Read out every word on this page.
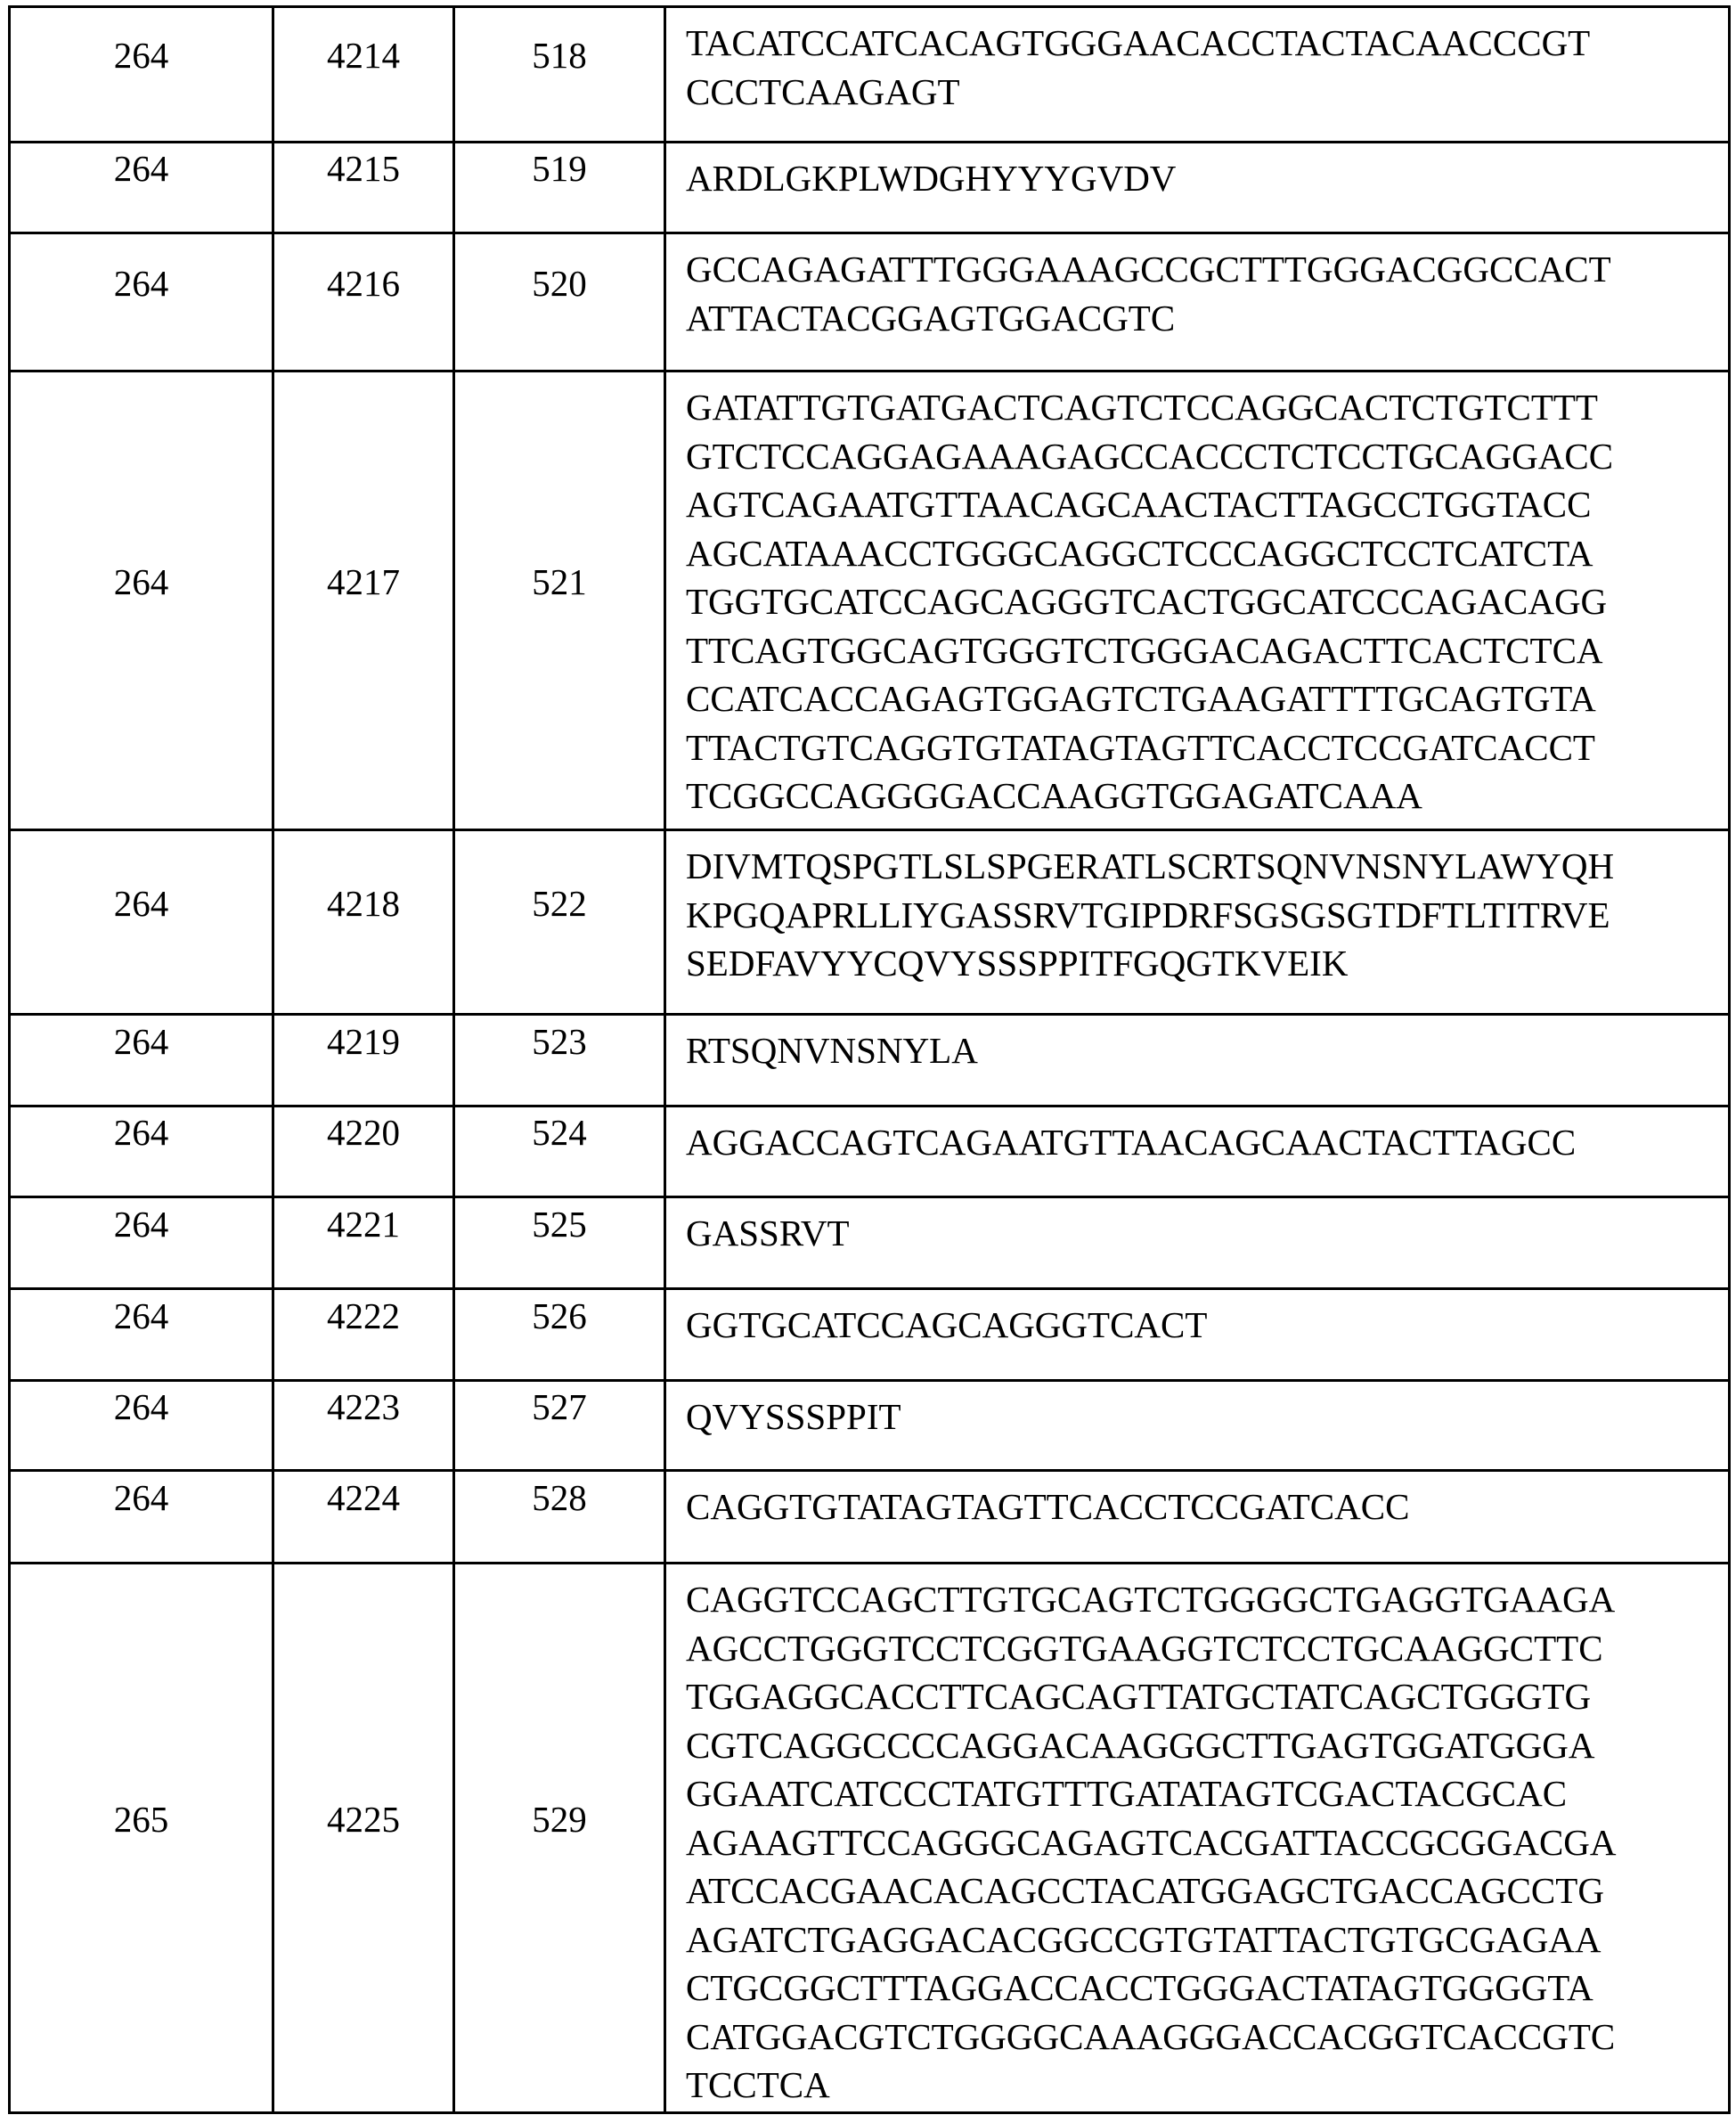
264	4214	518	TACATCCATCACAGTGGGAACACCTACTACAACCCGT
CCCTCAAGAGT

264	4215	519	ARDLGKPLWDGHYYYGVDV

264	4216	520	GCCAGAGATTTGGGAAAGCCGCTTTGGGACGGCCACT
ATTACTACGGAGTGGACGTC

264	4217	521	
GATATTGTGATGACTCAGTCTCCAGGCACTCTGTCTTT
GTCTCCAGGAGAAAGAGCCACCCTCTCCTGCAGGACC
AGTCAGAATGTTAACAGCAACTACTTAGCCTGGTACC
AGCATAAACCTGGGCAGGCTCCCAGGCTCCTCATCTA
TGGTGCATCCAGCAGGGTCACTGGCATCCCAGACAGG
TTCAGTGGCAGTGGGTCTGGGACAGACTTCACTCTCA
CCATCACCAGAGTGGAGTCTGAAGATTTTGCAGTGTA
TTACTGTCAGGTGTATAGTAGTTCACCTCCGATCACCT
TCGGCCAGGGGACCAAGGTGGAGATCAAA

264	4218	522	
DIVMTQSPGTLSLSPGERATLSCRTSQNVNSNYLAWYQH
KPGQAPRLLIYGASSRVTGIPDRFSGSGSGTDFTLTITRVE
SEDFAVYYCQVYSSSPPITFGQGTKVEIK

264	4219	523	RTSQNVNSNYLA

264	4220	524	AGGACCAGTCAGAATGTTAACAGCAACTACTTAGCC

264	4221	525	GASSRVT

264	4222	526	GGTGCATCCAGCAGGGTCACT

264	4223	527	QVYSSSPPIT

264	4224	528	CAGGTGTATAGTAGTTCACCTCCGATCACC

265	4225	529	
CAGGTCCAGCTTGTGCAGTCTGGGGCTGAGGTGAAGA
AGCCTGGGTCCTCGGTGAAGGTCTCCTGCAAGGCTTC
TGGAGGCACCTTCAGCAGTTATGCTATCAGCTGGGTG
CGTCAGGCCCCAGGACAAGGGCTTGAGTGGATGGGA
GGAATCATCCCTATGTTTGATATAGTCGACTACGCAC
AGAAGTTCCAGGGCAGAGTCACGATTACCGCGGACGA
ATCCACGAACACAGCCTACATGGAGCTGACCAGCCTG
AGATCTGAGGACACGGCCGTGTATTACTGTGCGAGAA
CTGCGGCTTTAGGACCACCTGGGACTATAGTGGGGTA
CATGGACGTCTGGGGCAAAGGGACCACGGTCACCGTC
TCCTCA
